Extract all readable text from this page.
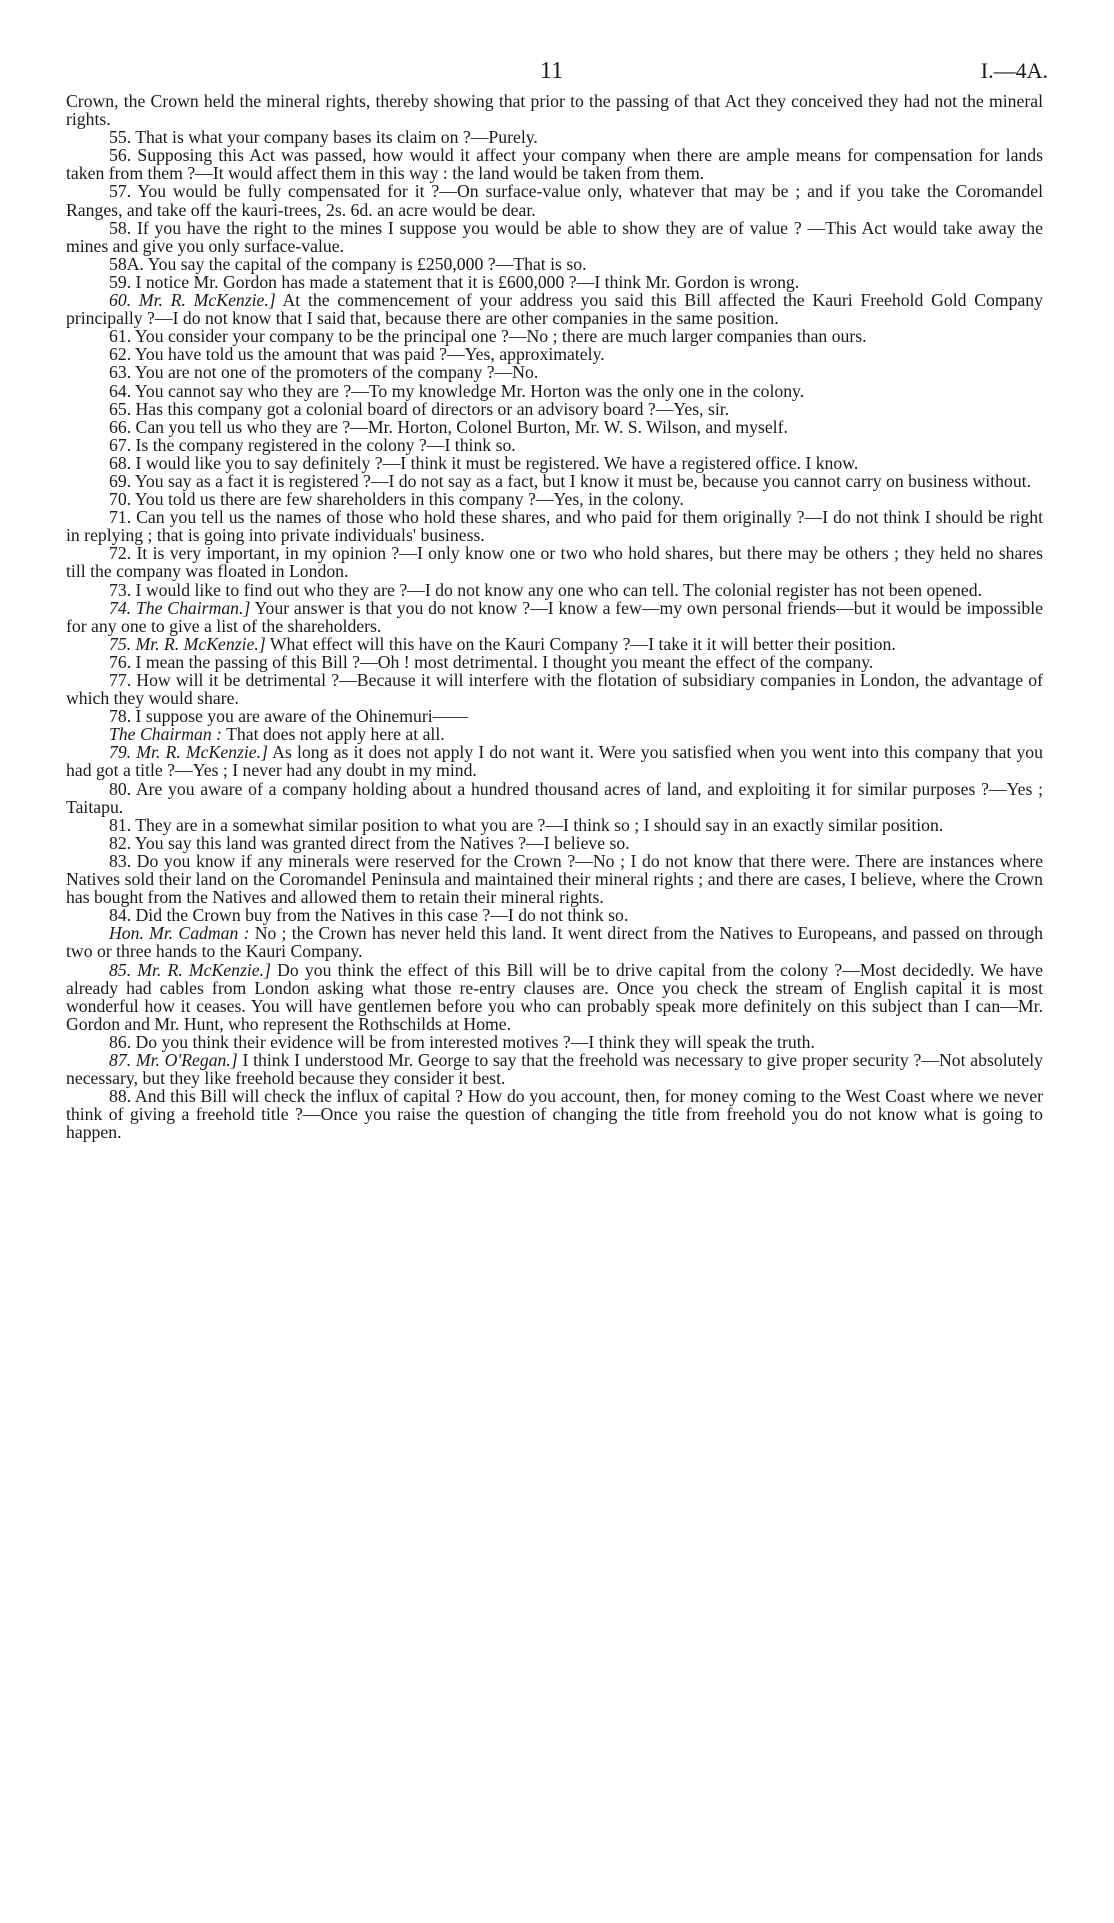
11	I.—4A.

Crown, the Crown held the mineral rights, thereby showing that prior to the passing of that Act they conceived they had not the mineral rights.

55. That is what your company bases its claim on ?—Purely.

56. Supposing this Act was passed, how would it affect your company when there are ample means for compensation for lands taken from them ?—It would affect them in this way : the land would be taken from them.

57. You would be fully compensated for it ?—On surface-value only, whatever that may be ; and if you take the Coromandel Ranges, and take off the kauri-trees, 2s. 6d. an acre would be dear.

58. If you have the right to the mines I suppose you would be able to show they are of value ? —This Act would take away the mines and give you only surface-value.

58A. You say the capital of the company is £250,000 ?—That is so.

59. I notice Mr. Gordon has made a statement that it is £600,000 ?—I think Mr. Gordon is wrong.

60. Mr. R. McKenzie.] At the commencement of your address you said this Bill affected the Kauri Freehold Gold Company principally ?—I do not know that I said that, because there are other companies in the same position.

61. You consider your company to be the principal one ?—No ; there are much larger companies than ours.

62. You have told us the amount that was paid ?—Yes, approximately.

63. You are not one of the promoters of the company ?—No.

64. You cannot say who they are ?—To my knowledge Mr. Horton was the only one in the colony.

65. Has this company got a colonial board of directors or an advisory board ?—Yes, sir.

66. Can you tell us who they are ?—Mr. Horton, Colonel Burton, Mr. W. S. Wilson, and myself.

67. Is the company registered in the colony ?—I think so.

68. I would like you to say definitely ?—I think it must be registered. We have a registered office. I know.

69. You say as a fact it is registered ?—I do not say as a fact, but I know it must be, because you cannot carry on business without.

70. You told us there are few shareholders in this company ?—Yes, in the colony.

71. Can you tell us the names of those who hold these shares, and who paid for them originally ?—I do not think I should be right in replying ; that is going into private individuals' business.

72. It is very important, in my opinion ?—I only know one or two who hold shares, but there may be others ; they held no shares till the company was floated in London.

73. I would like to find out who they are ?—I do not know any one who can tell. The colonial register has not been opened.

74. The Chairman.] Your answer is that you do not know ?—I know a few—my own personal friends—but it would be impossible for any one to give a list of the shareholders.

75. Mr. R. McKenzie.] What effect will this have on the Kauri Company ?—I take it it will better their position.

76. I mean the passing of this Bill ?—Oh ! most detrimental. I thought you meant the effect of the company.

77. How will it be detrimental ?—Because it will interfere with the flotation of subsidiary companies in London, the advantage of which they would share.

78. I suppose you are aware of the Ohinemuri——

The Chairman : That does not apply here at all.

79. Mr. R. McKenzie.] As long as it does not apply I do not want it. Were you satisfied when you went into this company that you had got a title ?—Yes ; I never had any doubt in my mind.

80. Are you aware of a company holding about a hundred thousand acres of land, and exploiting it for similar purposes ?—Yes ; Taitapu.

81. They are in a somewhat similar position to what you are ?—I think so ; I should say in an exactly similar position.

82. You say this land was granted direct from the Natives ?—I believe so.

83. Do you know if any minerals were reserved for the Crown ?—No ; I do not know that there were. There are instances where Natives sold their land on the Coromandel Peninsula and maintained their mineral rights ; and there are cases, I believe, where the Crown has bought from the Natives and allowed them to retain their mineral rights.

84. Did the Crown buy from the Natives in this case ?—I do not think so.

Hon. Mr. Cadman : No ; the Crown has never held this land. It went direct from the Natives to Europeans, and passed on through two or three hands to the Kauri Company.

85. Mr. R. McKenzie.] Do you think the effect of this Bill will be to drive capital from the colony ?—Most decidedly. We have already had cables from London asking what those re-entry clauses are. Once you check the stream of English capital it is most wonderful how it ceases. You will have gentlemen before you who can probably speak more definitely on this subject than I can—Mr. Gordon and Mr. Hunt, who represent the Rothschilds at Home.

86. Do you think their evidence will be from interested motives ?—I think they will speak the truth.

87. Mr. O'Regan.] I think I understood Mr. George to say that the freehold was necessary to give proper security ?—Not absolutely necessary, but they like freehold because they consider it best.

88. And this Bill will check the influx of capital ? How do you account, then, for money coming to the West Coast where we never think of giving a freehold title ?—Once you raise the question of changing the title from freehold you do not know what is going to happen.
